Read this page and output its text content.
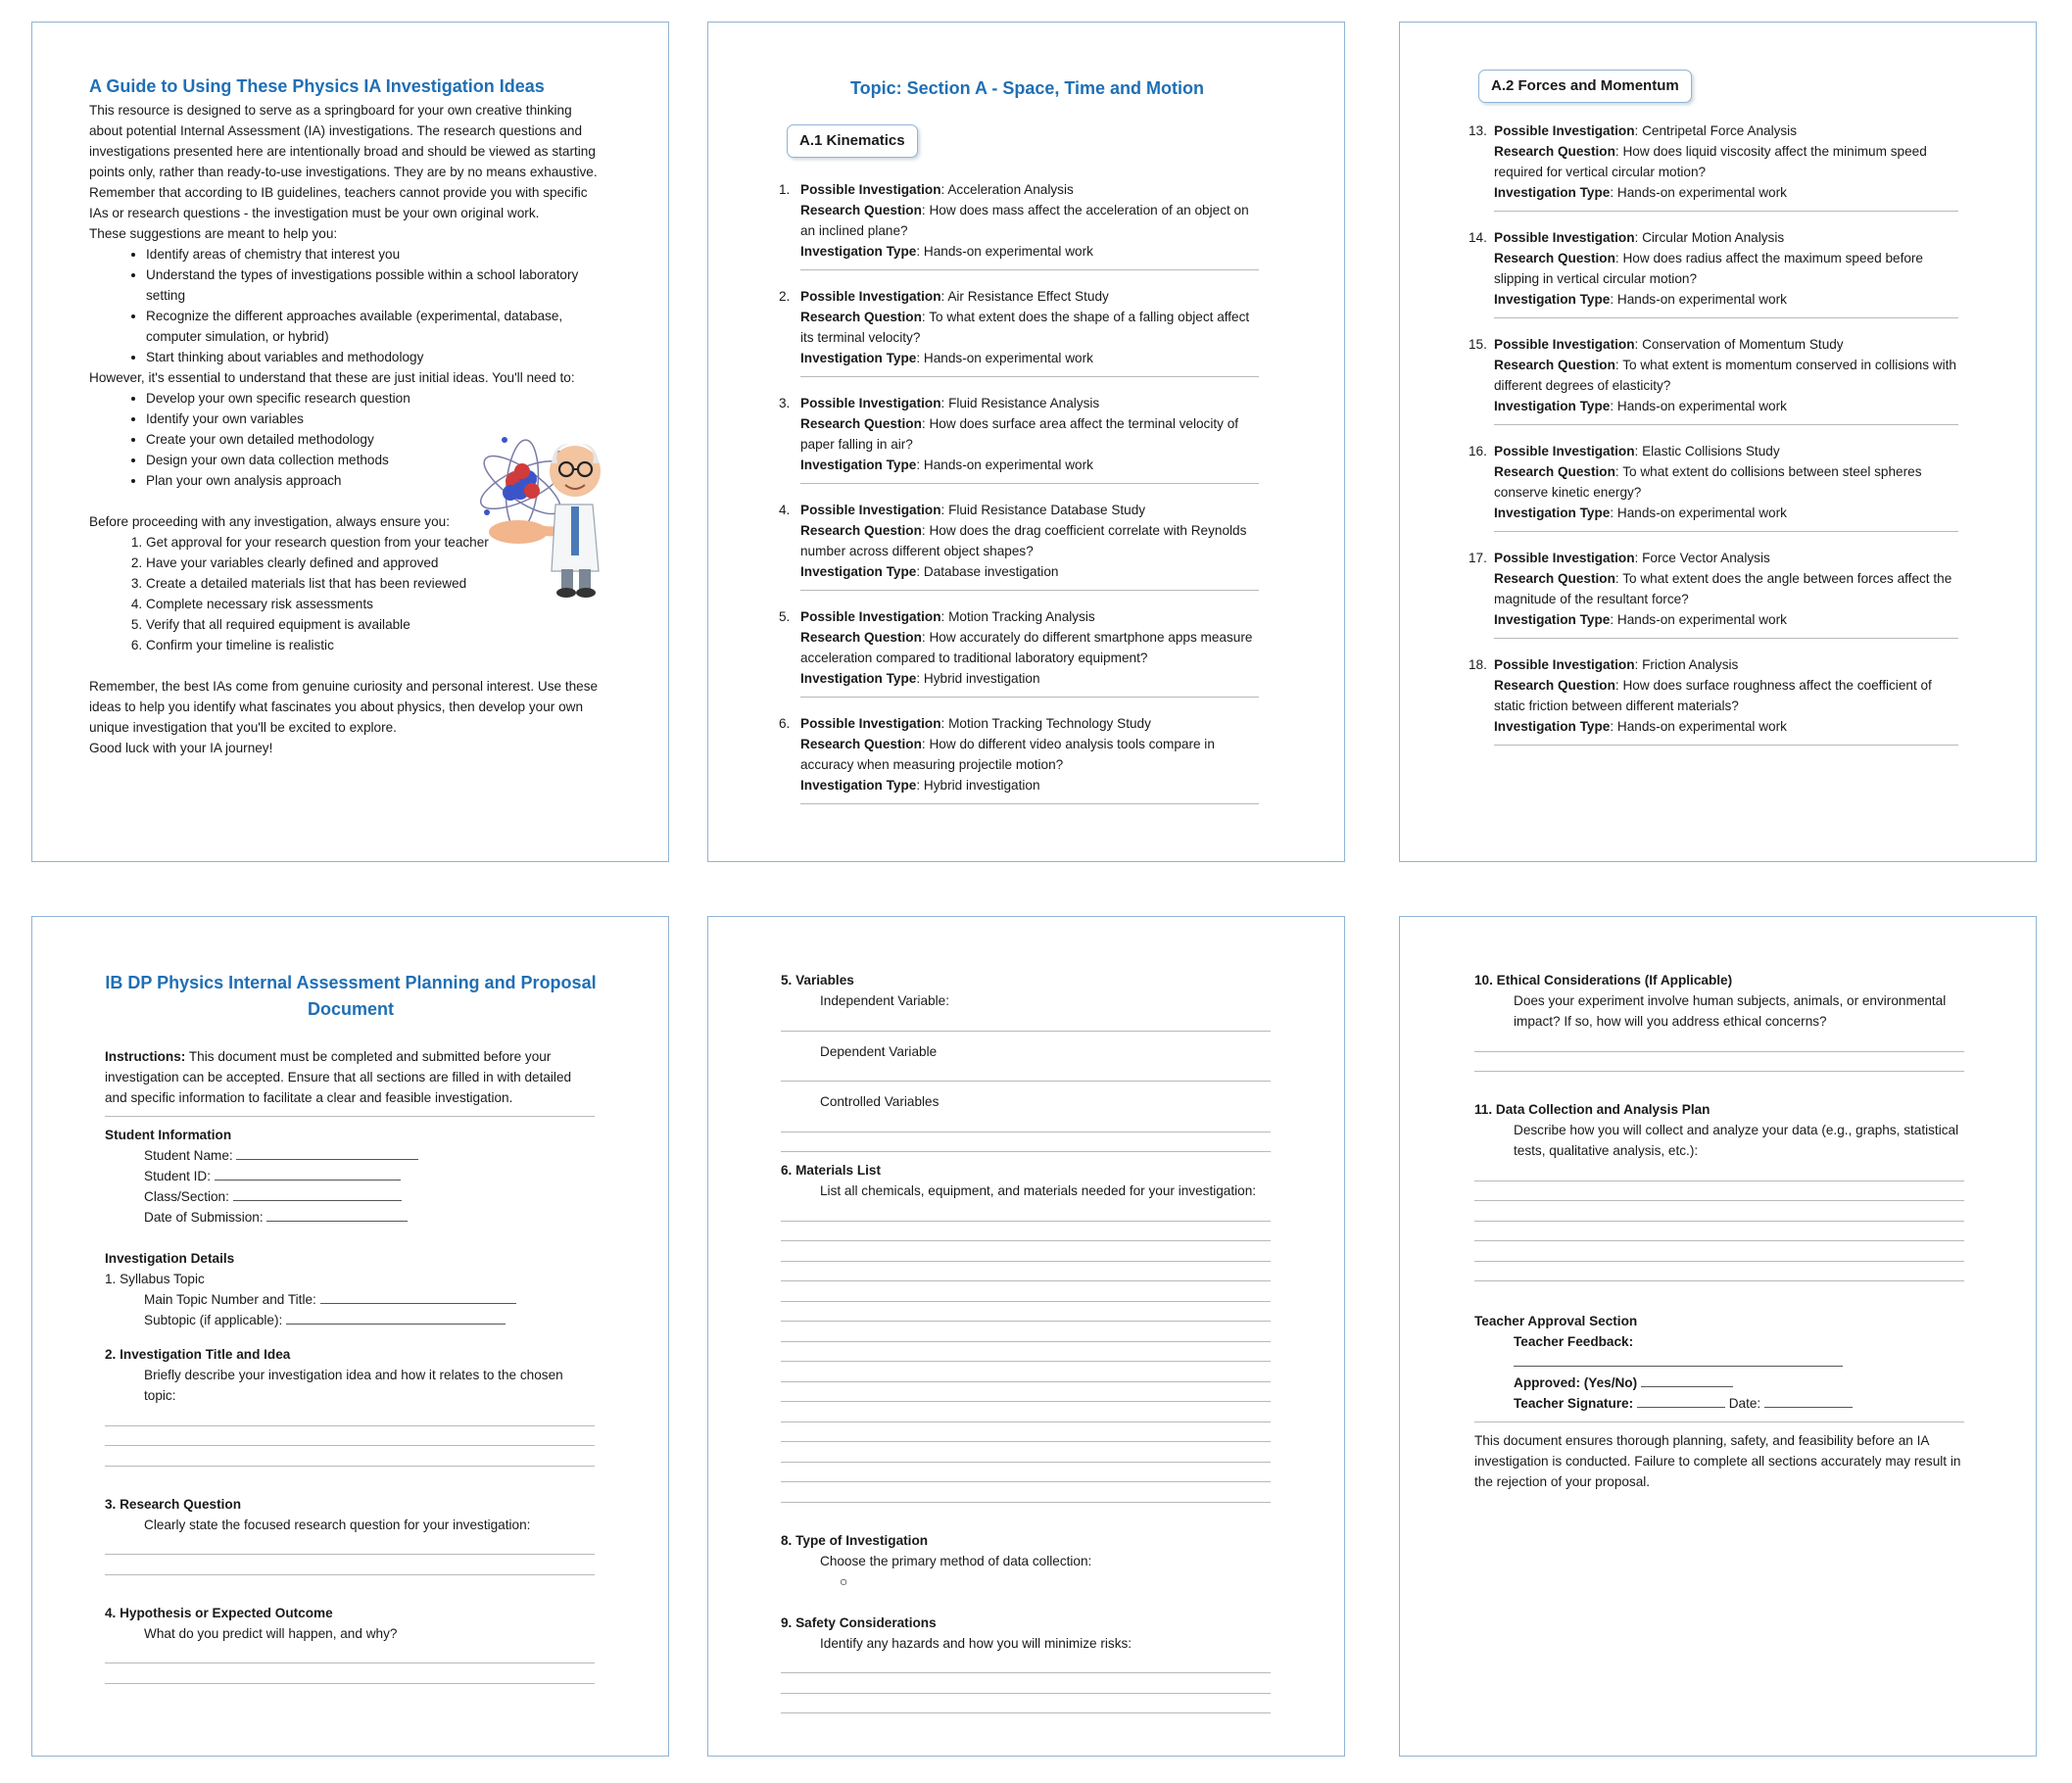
A Guide to Using These Physics IA Investigation Ideas

This resource is designed to serve as a springboard for your own creative thinking about potential Internal Assessment (IA) investigations. The research questions and investigations presented here are intentionally broad and should be viewed as starting points only, rather than ready-to-use investigations. They are by no means exhaustive. Remember that according to IB guidelines, teachers cannot provide you with specific IAs or research questions - the investigation must be your own original work.

These suggestions are meant to help you:

• Identify areas of chemistry that interest you
• Understand the types of investigations possible within a school laboratory setting
• Recognize the different approaches available (experimental, database, computer simulation, or hybrid)
• Start thinking about variables and methodology

However, it's essential to understand that these are just initial ideas. You'll need to:

• Develop your own specific research question
• Identify your own variables
• Create your own detailed methodology
• Design your own data collection methods
• Plan your own analysis approach

Before proceeding with any investigation, always ensure you:

1. Get approval for your research question from your teacher
2. Have your variables clearly defined and approved
3. Create a detailed materials list that has been reviewed
4. Complete necessary risk assessments
5. Verify that all required equipment is available
6. Confirm your timeline is realistic

Remember, the best IAs come from genuine curiosity and personal interest. Use these ideas to help you identify what fascinates you about physics, then develop your own unique investigation that you'll be excited to explore.

Good luck with your IA journey!

Topic: Section A - Space, Time and Motion
A.1 Kinematics
1. Possible Investigation: Acceleration Analysis
Research Question: How does mass affect the acceleration of an object on an inclined plane?
Investigation Type: Hands-on experimental work
2. Possible Investigation: Air Resistance Effect Study
Research Question: To what extent does the shape of a falling object affect its terminal velocity?
Investigation Type: Hands-on experimental work
3. Possible Investigation: Fluid Resistance Analysis
Research Question: How does surface area affect the terminal velocity of paper falling in air?
Investigation Type: Hands-on experimental work
4. Possible Investigation: Fluid Resistance Database Study
Research Question: How does the drag coefficient correlate with Reynolds number across different object shapes?
Investigation Type: Database investigation
5. Possible Investigation: Motion Tracking Analysis
Research Question: How accurately do different smartphone apps measure acceleration compared to traditional laboratory equipment?
Investigation Type: Hybrid investigation
6. Possible Investigation: Motion Tracking Technology Study
Research Question: How do different video analysis tools compare in accuracy when measuring projectile motion?
Investigation Type: Hybrid investigation
A.2 Forces and Momentum
13. Possible Investigation: Centripetal Force Analysis
Research Question: How does liquid viscosity affect the minimum speed required for vertical circular motion?
Investigation Type: Hands-on experimental work
14. Possible Investigation: Circular Motion Analysis
Research Question: How does radius affect the maximum speed before slipping in vertical circular motion?
Investigation Type: Hands-on experimental work
15. Possible Investigation: Conservation of Momentum Study
Research Question: To what extent is momentum conserved in collisions with different degrees of elasticity?
Investigation Type: Hands-on experimental work
16. Possible Investigation: Elastic Collisions Study
Research Question: To what extent do collisions between steel spheres conserve kinetic energy?
Investigation Type: Hands-on experimental work
17. Possible Investigation: Force Vector Analysis
Research Question: To what extent does the angle between forces affect the magnitude of the resultant force?
Investigation Type: Hands-on experimental work
18. Possible Investigation: Friction Analysis
Research Question: How does surface roughness affect the coefficient of static friction between different materials?
Investigation Type: Hands-on experimental work
IB DP Physics Internal Assessment Planning and Proposal Document

Instructions: This document must be completed and submitted before your investigation can be accepted. Ensure that all sections are filled in with detailed and specific information to facilitate a clear and feasible investigation.

Student Information
Student Name:
Student ID:
Class/Section:
Date of Submission:
Investigation Details
1. Syllabus Topic
Main Topic Number and Title:
Subtopic (if applicable):
2. Investigation Title and Idea
Briefly describe your investigation idea and how it relates to the chosen topic:
3. Research Question
Clearly state the focused research question for your investigation:
4. Hypothesis or Expected Outcome
What do you predict will happen, and why?
5. Variables
Independent Variable:
Dependent Variable
Controlled Variables
6. Materials List
List all chemicals, equipment, and materials needed for your investigation:
8. Type of Investigation
Choose the primary method of data collection:
○
9. Safety Considerations
Identify any hazards and how you will minimize risks:
10. Ethical Considerations (If Applicable)
Does your experiment involve human subjects, animals, or environmental impact? If so, how will you address ethical concerns?
11. Data Collection and Analysis Plan
Describe how you will collect and analyze your data (e.g., graphs, statistical tests, qualitative analysis, etc.):
Teacher Approval Section
Teacher Feedback:
Approved: (Yes/No)
Teacher Signature:	Date:

This document ensures thorough planning, safety, and feasibility before an IA investigation is conducted. Failure to complete all sections accurately may result in the rejection of your proposal.
